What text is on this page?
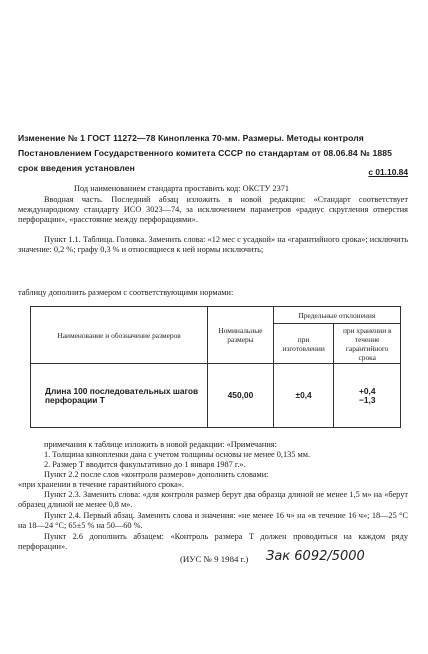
Изменение № 1 ГОСТ 11272—78 Кинопленка 70-мм. Размеры. Методы контроля
Постановлением Государственного комитета СССР по стандартам от 08.06.84 № 1885 срок введения установлен	с 01.10.84
Под наименованием стандарта проставить код: ОКСТУ 2371
Вводная часть. Последний абзац изложить в новой редакции: «Стандарт соответствует международному стандарту ИСО 3023—74, за исключением параметров «радиус скругления отверстия перфорации», «расстояние между перфорациями».
Пункт 1.1. Таблица. Головка. Заменить слова: «12 мес с усадкой» на «гарантийного срока»; исключить значение: 0,2 %; графу 0,3 % и относящиеся к ней нормы исключить;
таблицу дополнить размером с соответствующими нормами:
Наименование и обозначение размеров	Номинальные размеры	Предельные отклонения	
		при изготовлении	при хранении в течение гарантийного срока
Длина 100 последовательных шагов перфорации T	450,00	±0,4	+0,4
−1,3
примечания к таблице изложить в новой редакции: «Примечания:
1. Толщина кинопленки дана с учетом толщины основы не менее 0,135 мм.
2. Размер T вводится факультативно до 1 января 1987 г.».
Пункт 2.2 после слов «контроля размеров» дополнить словами:
«при хранении в течение гарантийного срока».
Пункт 2.3. Заменить слова: «для контроля размер берут два образца длиной не менее 1,5 м» на «берут образец длиной не менее 0,8 м».
Пункт 2.4. Первый абзац. Заменить слова и значения: «не менее 16 ч» на «в течение 16 ч»; 18—25 °С на 18—24 °С; 65±5 % на 50—60 %.
Пункт 2.6 дополнить абзацем: «Контроль размера T должен проводиться на каждом ряду перфорации».
(ИУС № 9 1984 г.) Зак 6092/5000
